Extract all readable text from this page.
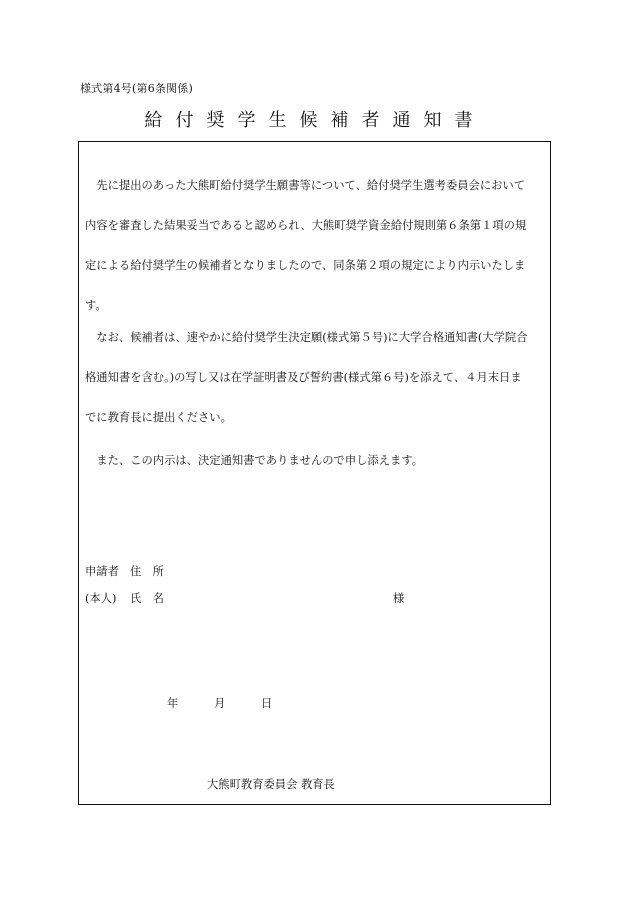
様式第4号(第6条関係)
給付奨学生候補者通知書
　先に提出のあった大熊町給付奨学生願書等について、給付奨学生選考委員会において
内容を審査した結果妥当であると認められ、大熊町奨学資金給付規則第６条第１項の規
定による給付奨学生の候補者となりましたので、同条第２項の規定により内示いたしま
す。
　なお、候補者は、速やかに給付奨学生決定願(様式第５号)に大学合格通知書(大学院合
格通知書を含む。)の写し又は在学証明書及び誓約書(様式第６号)を添えて、４月末日ま
でに教育長に提出ください。
　また、この内示は、決定通知書でありませんので申し添えます。
申請者 住　所
(本人) 氏　名	様
年	月	日
大熊町教育委員会 教育長
